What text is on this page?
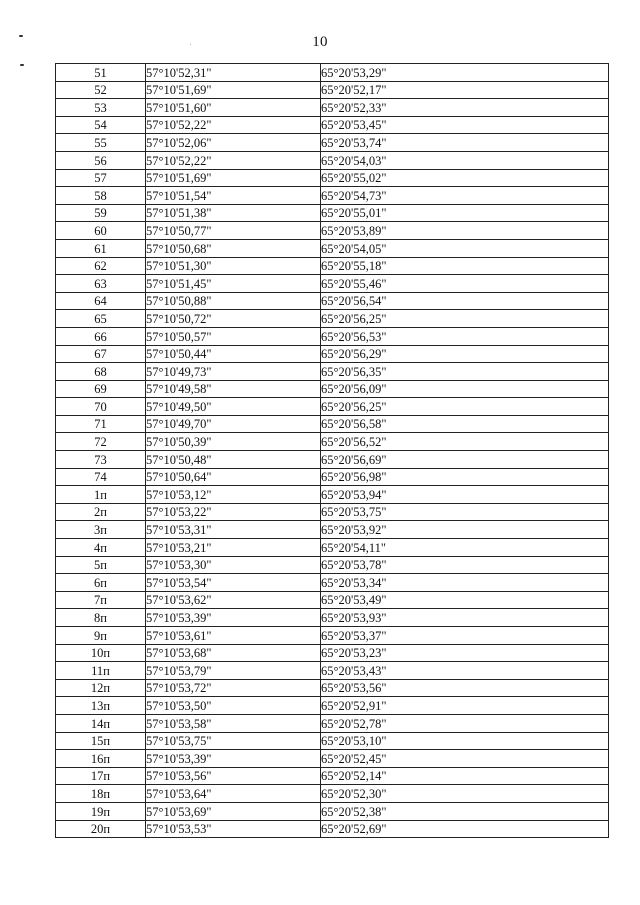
10
51	57°10'52,31"	65°20'53,29"
52	57°10'51,69"	65°20'52,17"
53	57°10'51,60"	65°20'52,33"
54	57°10'52,22"	65°20'53,45"
55	57°10'52,06"	65°20'53,74"
56	57°10'52,22"	65°20'54,03"
57	57°10'51,69"	65°20'55,02"
58	57°10'51,54"	65°20'54,73"
59	57°10'51,38"	65°20'55,01"
60	57°10'50,77"	65°20'53,89"
61	57°10'50,68"	65°20'54,05"
62	57°10'51,30"	65°20'55,18"
63	57°10'51,45"	65°20'55,46"
64	57°10'50,88"	65°20'56,54"
65	57°10'50,72"	65°20'56,25"
66	57°10'50,57"	65°20'56,53"
67	57°10'50,44"	65°20'56,29"
68	57°10'49,73"	65°20'56,35"
69	57°10'49,58"	65°20'56,09"
70	57°10'49,50"	65°20'56,25"
71	57°10'49,70"	65°20'56,58"
72	57°10'50,39"	65°20'56,52"
73	57°10'50,48"	65°20'56,69"
74	57°10'50,64"	65°20'56,98"
1п	57°10'53,12"	65°20'53,94"
2п	57°10'53,22"	65°20'53,75"
3п	57°10'53,31"	65°20'53,92"
4п	57°10'53,21"	65°20'54,11"
5п	57°10'53,30"	65°20'53,78"
6п	57°10'53,54"	65°20'53,34"
7п	57°10'53,62"	65°20'53,49"
8п	57°10'53,39"	65°20'53,93"
9п	57°10'53,61"	65°20'53,37"
10п	57°10'53,68"	65°20'53,23"
11п	57°10'53,79"	65°20'53,43"
12п	57°10'53,72"	65°20'53,56"
13п	57°10'53,50"	65°20'52,91"
14п	57°10'53,58"	65°20'52,78"
15п	57°10'53,75"	65°20'53,10"
16п	57°10'53,39"	65°20'52,45"
17п	57°10'53,56"	65°20'52,14"
18п	57°10'53,64"	65°20'52,30"
19п	57°10'53,69"	65°20'52,38"
20п	57°10'53,53"	65°20'52,69"
